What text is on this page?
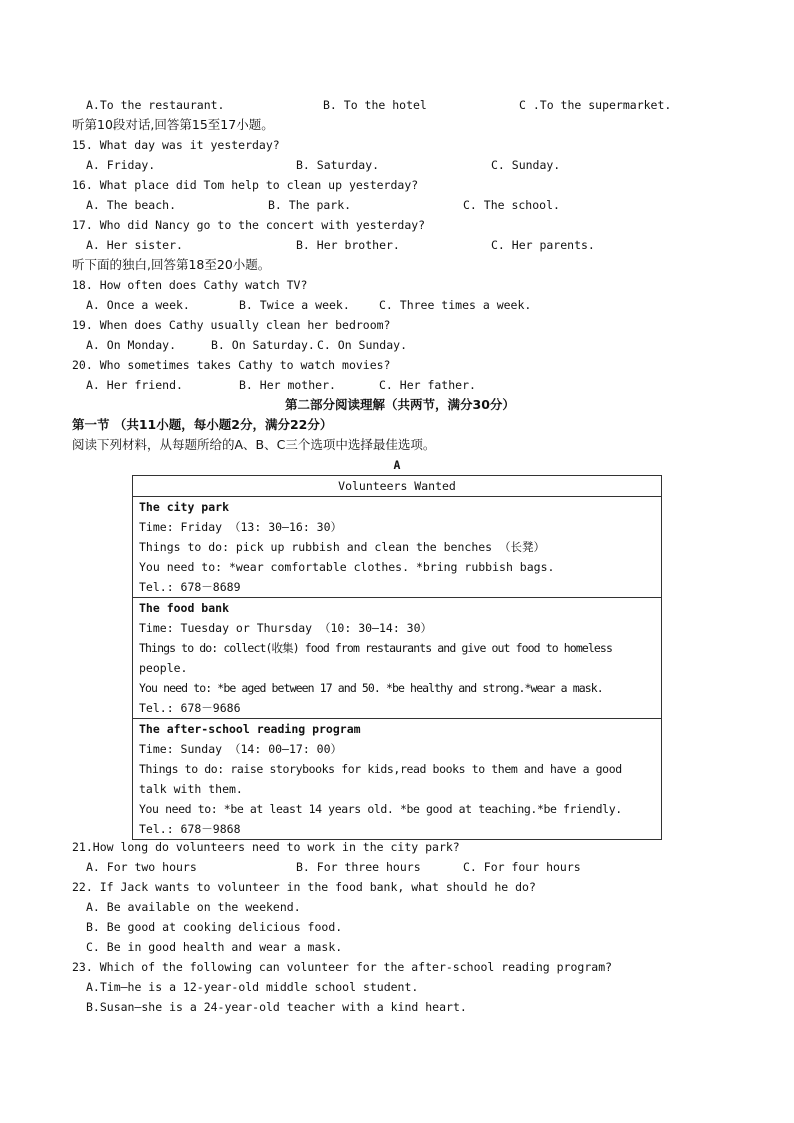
A.To the restaurant.	B. To the hotel	C .To the supermarket.
听第10段对话,回答第15至17小题。
15. What day was it yesterday?
A. Friday.	B. Saturday.	C. Sunday.
16. What place did Tom help to clean up yesterday?
A. The beach.	B. The park.	C. The school.
17. Who did Nancy go to the concert with yesterday?
A. Her sister.	B. Her brother.	C. Her parents.
听下面的独白,回答第18至20小题。
18. How often does Cathy watch TV?
A. Once a week.	B. Twice a week.	C. Three times a week.
19. When does Cathy usually clean her bedroom?
A. On Monday.	B. On Saturday. C. On Sunday.
20. Who sometimes takes Cathy to watch movies?
A. Her friend.	B. Her mother.	C. Her father.
第二部分阅读理解（共两节，满分30分）
第一节 （共11小题，每小题2分，满分22分）
阅读下列材料，从每题所给的A、B、C三个选项中选择最佳选项。
A
Volunteers Wanted
The city park
Time: Friday （13: 30—16: 30）
Things to do: pick up rubbish and clean the benches （长凳）
You need to: *wear comfortable clothes. *bring rubbish bags.
Tel.: 678－8689
The food bank
Time: Tuesday or Thursday （10: 30—14: 30）
Things to do: collect(收集) food from restaurants and give out food to homeless
people.
You need to: *be aged between 17 and 50. *be healthy and strong.*wear a mask.
Tel.: 678－9686
The after-school reading program
Time: Sunday （14: 00—17: 00）
Things to do: raise storybooks for kids,read books to them and have a good
talk with them.
You need to: *be at least 14 years old. *be good at teaching.*be friendly.
Tel.: 678－9868
21.How long do volunteers need to work in the city park?
A. For two hours	B. For three hours	C. For four hours
22. If Jack wants to volunteer in the food bank, what should he do?
A. Be available on the weekend.
B. Be good at cooking delicious food.
C. Be in good health and wear a mask.
23. Which of the following can volunteer for the after-school reading program?
A.Tim—he is a 12-year-old middle school student.
B.Susan—she is a 24-year-old teacher with a kind heart.
